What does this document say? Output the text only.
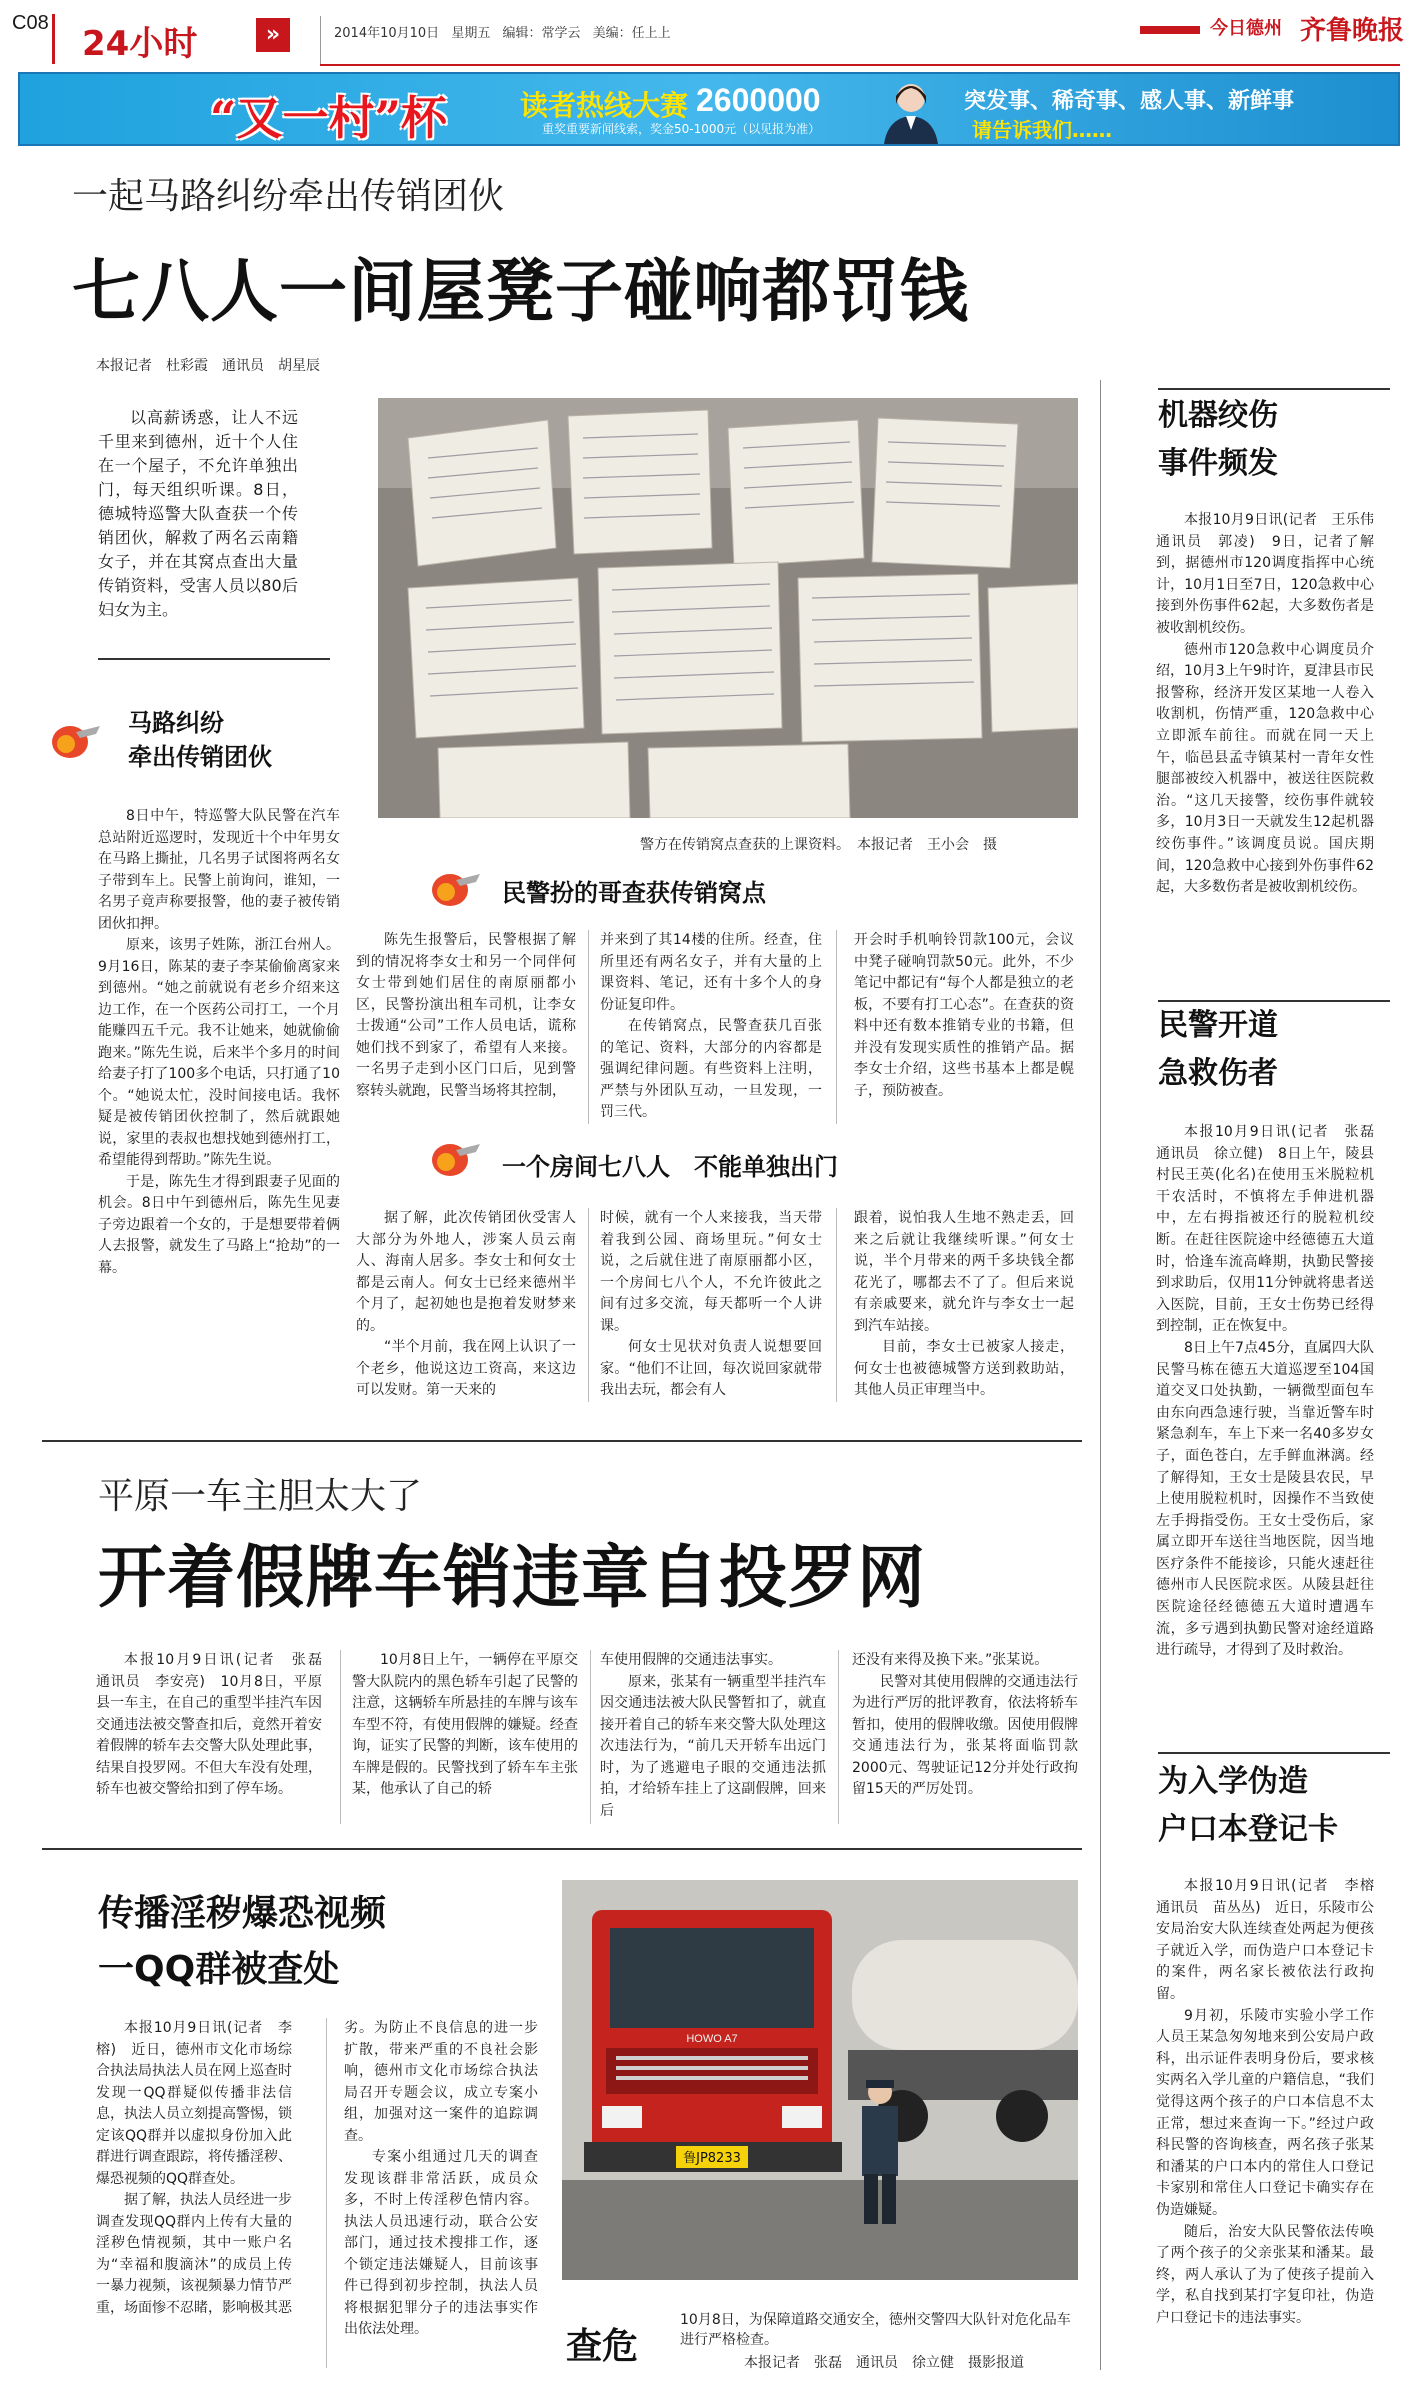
C08
24小时	»	2014年10月10日 星期五 编辑：常学云 美编：任上上	今日德州 齐鲁晚报
“又一村”杯	读者热线大赛 2600000
重奖重要新闻线索，奖金50-1000元（以见报为准）
突发事、稀奇事、感人事、新鲜事
请告诉我们……
一起马路纠纷牵出传销团伙
七八人一间屋凳子碰响都罚钱
本报记者　杜彩霞　通讯员　胡星辰

以高薪诱惑，让人不远千里来到德州，近十个人住在一个屋子，不允许单独出门，每天组织听课。8日，德城特巡警大队查获一个传销团伙，解救了两名云南籍女子，并在其窝点查出大量传销资料，受害人员以80后妇女为主。

马路纠纷
牵出传销团伙

8日中午，特巡警大队民警在汽车总站附近巡逻时，发现近十个中年男女在马路上撕扯，几名男子试图将两名女子带到车上。民警上前询问，谁知，一名男子竟声称要报警，他的妻子被传销团伙扣押。

原来，该男子姓陈，浙江台州人。9月16日，陈某的妻子李某偷偷离家来到德州。“她之前就说有老乡介绍来这边工作，在一个医药公司打工，一个月能赚四五千元。我不让她来，她就偷偷跑来。”陈先生说，后来半个多月的时间给妻子打了100多个电话，只打通了10个。“她说太忙，没时间接电话。我怀疑是被传销团伙控制了，然后就跟她说，家里的表叔也想找她到德州打工，希望能得到帮助。”陈先生说。

于是，陈先生才得到跟妻子见面的机会。8日中午到德州后，陈先生见妻子旁边跟着一个女的，于是想要带着俩人去报警，就发生了马路上“抢劫”的一幕。

警方在传销窝点查获的上课资料。　本报记者　王小会　摄
民警扮的哥查获传销窝点

陈先生报警后，民警根据了解到的情况将李女士和另一个同伴何女士带到她们居住的南原丽都小区，民警扮演出租车司机，让李女士拨通“公司”工作人员电话，谎称她们找不到家了，希望有人来接。一名男子走到小区门口后，见到警察转头就跑，民警当场将其控制，

并来到了其14楼的住所。经查，住所里还有两名女子，并有大量的上课资料、笔记，还有十多个人的身份证复印件。

在传销窝点，民警查获几百张的笔记、资料，大部分的内容都是强调纪律问题。有些资料上注明，严禁与外团队互动，一旦发现，一罚三代。

开会时手机响铃罚款100元，会议中凳子碰响罚款50元。此外，不少笔记中都记有“每个人都是独立的老板，不要有打工心态”。在查获的资料中还有数本推销专业的书籍，但并没有发现实质性的推销产品。据李女士介绍，这些书基本上都是幌子，预防被查。

一个房间七八人　不能单独出门

据了解，此次传销团伙受害人大部分为外地人，涉案人员云南人、海南人居多。李女士和何女士都是云南人。何女士已经来德州半个月了，起初她也是抱着发财梦来的。

“半个月前，我在网上认识了一个老乡，他说这边工资高，来这边可以发财。第一天来的

时候，就有一个人来接我，当天带着我到公园、商场里玩。”何女士说，之后就住进了南原丽都小区，一个房间七八个人，不允许彼此之间有过多交流，每天都听一个人讲课。

何女士见状对负责人说想要回家。“他们不让回，每次说回家就带我出去玩，都会有人

跟着，说怕我人生地不熟走丢，回来之后就让我继续听课。”何女士说，半个月带来的两千多块钱全都花光了，哪都去不了了。但后来说有亲戚要来，就允许与李女士一起到汽车站接。

目前，李女士已被家人接走，何女士也被德城警方送到救助站，其他人员正审理当中。

平原一车主胆太大了
开着假牌车销违章自投罗网

本报10月9日讯(记者　张磊　通讯员　李安亮)　10月8日，平原县一车主，在自己的重型半挂汽车因交通违法被交警查扣后，竟然开着安着假牌的轿车去交警大队处理此事，结果自投罗网。不但大车没有处理，轿车也被交警给扣到了停车场。

10月8日上午，一辆停在平原交警大队院内的黑色轿车引起了民警的注意，这辆轿车所悬挂的车牌与该车车型不符，有使用假牌的嫌疑。经查询，证实了民警的判断，该车使用的车牌是假的。民警找到了轿车车主张某，他承认了自己的轿

车使用假牌的交通违法事实。

原来，张某有一辆重型半挂汽车因交通违法被大队民警暂扣了，就直接开着自己的轿车来交警大队处理这次违法行为，“前几天开轿车出远门时，为了逃避电子眼的交通违法抓拍，才给轿车挂上了这副假牌，回来后

还没有来得及换下来。”张某说。

民警对其使用假牌的交通违法行为进行严厉的批评教育，依法将轿车暂扣，使用的假牌收缴。因使用假牌交通违法行为，张某将面临罚款2000元、驾驶证记12分并处行政拘留15天的严厉处罚。

传播淫秽爆恐视频
一QQ群被查处

本报10月9日讯(记者　李榕)　近日，德州市文化市场综合执法局执法人员在网上巡查时发现一QQ群疑似传播非法信息，执法人员立刻提高警惕，锁定该QQ群并以虚拟身份加入此群进行调查跟踪，将传播淫秽、爆恐视频的QQ群查处。

据了解，执法人员经进一步调查发现QQ群内上传有大量的淫秽色情视频，其中一账户名为“幸福和腹滴沐”的成员上传一暴力视频，该视频暴力情节严重，场面惨不忍睹，影响极其恶

劣。为防止不良信息的进一步扩散，带来严重的不良社会影响，德州市文化市场综合执法局召开专题会议，成立专案小组，加强对这一案件的追踪调查。

专案小组通过几天的调查发现该群非常活跃，成员众多，不时上传淫秽色情内容。执法人员迅速行动，联合公安部门，通过技术搜排工作，逐个锁定违法嫌疑人，目前该事件已得到初步控制，执法人员将根据犯罪分子的违法事实作出依法处理。

鲁JP8233
HOWO A7
查危
10月8日，为保障道路交通安全，德州交警四大队针对危化品车进行严格检查。
本报记者　张磊　通讯员　徐立健　摄影报道
机器绞伤
事件频发

本报10月9日讯(记者　王乐伟　通讯员　郭凌)　9日，记者了解到，据德州市120调度指挥中心统计，10月1日至7日，120急救中心接到外伤事件62起，大多数伤者是被收割机绞伤。

德州市120急救中心调度员介绍，10月3上午9时许，夏津县市民报警称，经济开发区某地一人卷入收割机，伤情严重，120急救中心立即派车前往。而就在同一天上午，临邑县孟寺镇某村一青年女性腿部被绞入机器中，被送往医院救治。“这几天接警，绞伤事件就较多，10月3日一天就发生12起机器绞伤事件。”该调度员说。国庆期间，120急救中心接到外伤事件62起，大多数伤者是被收割机绞伤。

民警开道
急救伤者

本报10月9日讯(记者　张磊　通讯员　徐立健)　8日上午，陵县村民王英(化名)在使用玉米脱粒机干农活时，不慎将左手伸进机器中，左右拇指被还行的脱粒机绞断。在赶往医院途中经德德五大道时，恰逢车流高峰期，执勤民警接到求助后，仅用11分钟就将患者送入医院，目前，王女士伤势已经得到控制，正在恢复中。

8日上午7点45分，直属四大队民警马栋在德五大道巡逻至104国道交叉口处执勤，一辆微型面包车由东向西急速行驶，当靠近警车时紧急刹车，车上下来一名40多岁女子，面色苍白，左手鲜血淋漓。经了解得知，王女士是陵县农民，早上使用脱粒机时，因操作不当致使左手拇指受伤。王女士受伤后，家属立即开车送往当地医院，因当地医疗条件不能接诊，只能火速赶往德州市人民医院求医。从陵县赶往医院途径经德德五大道时遭遇车流，多亏遇到执勤民警对途经道路进行疏导，才得到了及时救治。

为入学伪造
户口本登记卡

本报10月9日讯(记者　李榕　通讯员　苗丛丛)　近日，乐陵市公安局治安大队连续查处两起为便孩子就近入学，而伪造户口本登记卡的案件，两名家长被依法行政拘留。

9月初，乐陵市实验小学工作人员王某急匆匆地来到公安局户政科，出示证件表明身份后，要求核实两名入学儿童的户籍信息，“我们觉得这两个孩子的户口本信息不太正常，想过来查询一下。”经过户政科民警的咨询核查，两名孩子张某和潘某的户口本内的常住人口登记卡家别和常住人口登记卡确实存在伪造嫌疑。

随后，治安大队民警依法传唤了两个孩子的父亲张某和潘某。最终，两人承认了为了使孩子提前入学，私自找到某打字复印社，伪造户口登记卡的违法事实。
